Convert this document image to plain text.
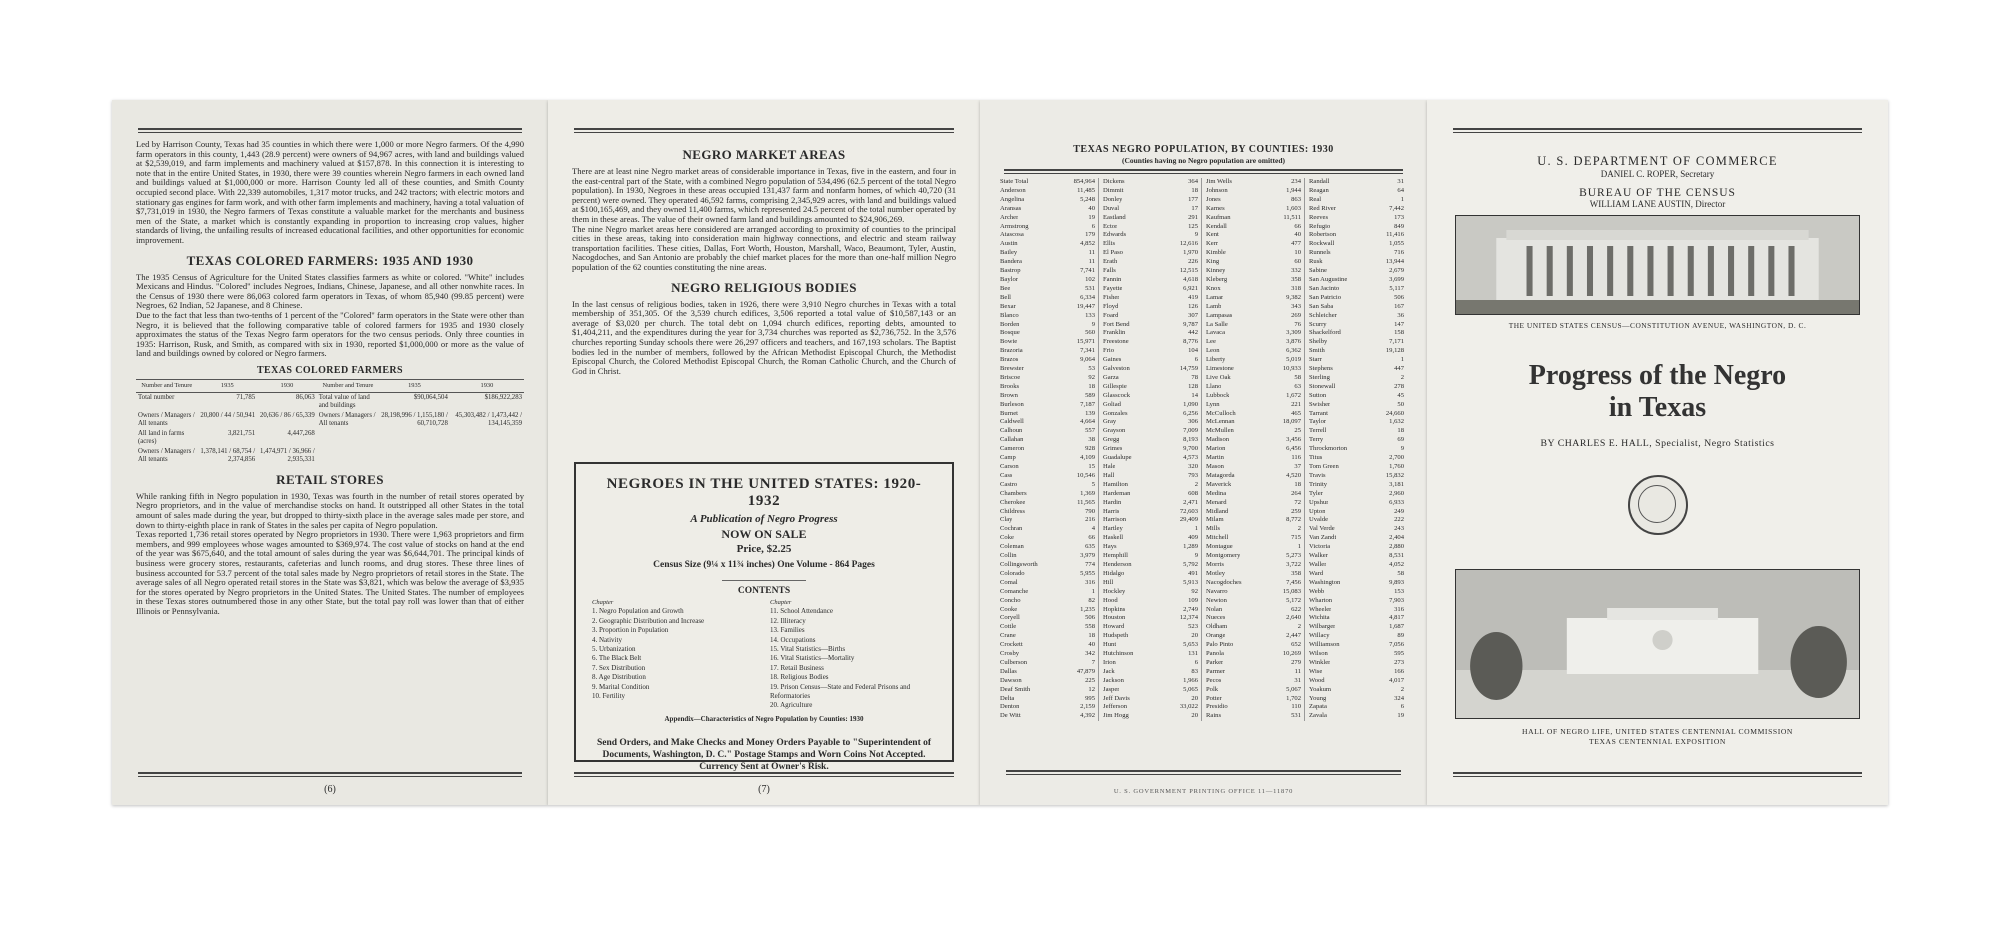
Led by Harrison County, Texas had 35 counties in which there were 1,000 or more Negro farmers. Of the 4,990 farm operators in this county, 1,443 (28.9 percent) were owners of 94,967 acres, with land and buildings valued at $2,539,019, and farm implements and machinery valued at $157,878. In this connection it is interesting to note that in the entire United States, in 1930, there were 39 counties wherein Negro farmers in each owned land and buildings valued at $1,000,000 or more. Harrison County led all of these counties, and Smith County occupied second place. With 22,339 automobiles, 1,317 motor trucks, and 242 tractors; with electric motors and stationary gas engines for farm work, and with other farm implements and machinery, having a total valuation of $7,731,019 in 1930, the Negro farmers of Texas constitute a valuable market for the merchants and business men of the State, a market which is constantly expanding in proportion to increasing crop values, higher standards of living, the unfailing results of increased educational facilities, and other opportunities for economic improvement.

TEXAS COLORED FARMERS: 1935 AND 1930

The 1935 Census of Agriculture for the United States classifies farmers as white or colored. "White" includes Mexicans and Hindus. "Colored" includes Negroes, Indians, Chinese, Japanese, and all other nonwhite races. In the Census of 1930 there were 86,063 colored farm operators in Texas, of whom 85,940 (99.85 percent) were Negroes, 62 Indian, 52 Japanese, and 8 Chinese.

Due to the fact that less than two-tenths of 1 percent of the "Colored" farm operators in the State were other than Negro, it is believed that the following comparative table of colored farmers for 1935 and 1930 closely approximates the status of the Texas Negro farm operators for the two census periods. Only three counties in 1935: Harrison, Rusk, and Smith, as compared with six in 1930, reported $1,000,000 or more as the value of land and buildings owned by colored or Negro farmers.

TEXAS COLORED FARMERS
Number and Tenure	1935	1930	Number and Tenure	1935	1930
Total number	71,785	86,063	Total value of land and buildings	$90,064,504	$186,922,283
Owners / Managers / All tenants	20,800 / 44 / 50,941	20,636 / 86 / 65,339	Owners / Managers / All tenants	28,198,996 / 1,155,180 / 60,710,728	45,303,482 / 1,473,442 / 134,145,359
All land in farms (acres)	3,821,751	4,447,268			
Owners / Managers / All tenants	1,378,141 / 68,754 / 2,374,856	1,474,971 / 36,966 / 2,935,331			
RETAIL STORES

While ranking fifth in Negro population in 1930, Texas was fourth in the number of retail stores operated by Negro proprietors, and in the value of merchandise stocks on hand. It outstripped all other States in the total amount of sales made during the year, but dropped to thirty-sixth place in the average sales made per store, and down to thirty-eighth place in rank of States in the sales per capita of Negro population.

Texas reported 1,736 retail stores operated by Negro proprietors in 1930. There were 1,963 proprietors and firm members, and 999 employees whose wages amounted to $369,974. The cost value of stocks on hand at the end of the year was $675,640, and the total amount of sales during the year was $6,644,701. The principal kinds of business were grocery stores, restaurants, cafeterias and lunch rooms, and drug stores. These three lines of business accounted for 53.7 percent of the total sales made by Negro proprietors of retail stores in the State. The average sales of all Negro operated retail stores in the State was $3,821, which was below the average of $3,935 for the stores operated by Negro proprietors in the United States. The United States. The number of employees in these Texas stores outnumbered those in any other State, but the total pay roll was lower than that of either Illinois or Pennsylvania.

(6)
NEGRO MARKET AREAS

There are at least nine Negro market areas of considerable importance in Texas, five in the eastern, and four in the east-central part of the State, with a combined Negro population of 534,496 (62.5 percent of the total Negro population). In 1930, Negroes in these areas occupied 131,437 farm and nonfarm homes, of which 40,720 (31 percent) were owned. They operated 46,592 farms, comprising 2,345,929 acres, with land and buildings valued at $100,165,469, and they owned 11,400 farms, which represented 24.5 percent of the total number operated by them in these areas. The value of their owned farm land and buildings amounted to $24,906,269.

The nine Negro market areas here considered are arranged according to proximity of counties to the principal cities in these areas, taking into consideration main highway connections, and electric and steam railway transportation facilities. These cities, Dallas, Fort Worth, Houston, Marshall, Waco, Beaumont, Tyler, Austin, Nacogdoches, and San Antonio are probably the chief market places for the more than one-half million Negro population of the 62 counties constituting the nine areas.

NEGRO RELIGIOUS BODIES

In the last census of religious bodies, taken in 1926, there were 3,910 Negro churches in Texas with a total membership of 351,305. Of the 3,539 church edifices, 3,506 reported a total value of $10,587,143 or an average of $3,020 per church. The total debt on 1,094 church edifices, reporting debts, amounted to $1,404,211, and the expenditures during the year for 3,734 churches was reported as $2,736,752. In the 3,576 churches reporting Sunday schools there were 26,297 officers and teachers, and 167,193 scholars. The Baptist bodies led in the number of members, followed by the African Methodist Episcopal Church, the Methodist Episcopal Church, the Colored Methodist Episcopal Church, the Roman Catholic Church, and the Church of God in Christ.

NEGROES IN THE UNITED STATES: 1920-1932
A Publication of Negro Progress
NOW ON SALE
Price, $2.25
Census Size (9¼ x 11¾ inches) One Volume - 864 Pages
CONTENTS
Chapter
1. Negro Population and Growth
2. Geographic Distribution and Increase
3. Proportion in Population
4. Nativity
5. Urbanization
6. The Black Belt
7. Sex Distribution
8. Age Distribution
9. Marital Condition
10. Fertility
Chapter
11. School Attendance
12. Illiteracy
13. Families
14. Occupations
15. Vital Statistics—Births
16. Vital Statistics—Mortality
17. Retail Business
18. Religious Bodies
19. Prison Census—State and Federal Prisons and Reformatories
20. Agriculture
Appendix—Characteristics of Negro Population by Counties: 1930
Send Orders, and Make Checks and Money Orders Payable to "Superintendent of Documents, Washington, D. C." Postage Stamps and Worn Coins Not Accepted. Currency Sent at Owner's Risk.
(7)
TEXAS NEGRO POPULATION, BY COUNTIES: 1930
(Counties having no Negro population are omitted)
State Total	854,964
Anderson	11,485
Angelina	5,248
Aransas	40
Archer	19
Armstrong	6
Atascosa	179
Austin	4,852
Bailey	11
Bandera	11
Bastrop	7,741
Baylor	102
Bee	531
Bell	6,334
Bexar	19,447
Blanco	133
Borden	9
Bosque	560
Bowie	15,971
Brazoria	7,341
Brazos	9,064
Brewster	53
Briscoe	92
Brooks	18
Brown	589
Burleson	7,187
Burnet	139
Caldwell	4,664
Calhoun	557
Callahan	38
Cameron	928
Camp	4,109
Carson	15
Cass	10,546
Castro	5
Chambers	1,369
Cherokee	11,565
Childress	790
Clay	216
Cochran	4
Coke	66
Coleman	635
Collin	3,979
Collingsworth	774
Colorado	5,955
Comal	316
Comanche	1
Concho	82
Cooke	1,235
Coryell	506
Cottle	558
Crane	18
Crockett	40
Crosby	342
Culberson	7
Dallas	47,879
Dawson	225
Deaf Smith	12
Delta	995
Denton	2,159
De Witt	4,392
Dickens	364
Dimmit	18
Donley	177
Duval	17
Eastland	291
Ector	125
Edwards	9
Ellis	12,616
El Paso	1,970
Erath	226
Falls	12,515
Fannin	4,618
Fayette	6,921
Fisher	419
Floyd	126
Foard	307
Fort Bend	9,787
Franklin	442
Freestone	8,776
Frio	104
Gaines	6
Galveston	14,759
Garza	78
Gillespie	128
Glasscock	14
Goliad	1,090
Gonzales	6,256
Gray	306
Grayson	7,009
Gregg	8,193
Grimes	9,700
Guadalupe	4,573
Hale	320
Hall	793
Hamilton	2
Hardeman	608
Hardin	2,471
Harris	72,603
Harrison	29,409
Hartley	1
Haskell	409
Hays	1,289
Hemphill	9
Henderson	5,792
Hidalgo	491
Hill	5,913
Hockley	92
Hood	109
Hopkins	2,749
Houston	12,374
Howard	523
Hudspeth	20
Hunt	5,653
Hutchinson	131
Irion	6
Jack	83
Jackson	1,966
Jasper	5,065
Jeff Davis	20
Jefferson	33,022
Jim Hogg	20
Jim Wells	234
Johnson	1,944
Jones	863
Karnes	1,603
Kaufman	11,511
Kendall	66
Kent	40
Kerr	477
Kimble	10
King	60
Kinney	332
Kleberg	358
Knox	318
Lamar	9,382
Lamb	343
Lampasas	269
La Salle	76
Lavaca	3,309
Lee	3,876
Leon	6,362
Liberty	5,019
Limestone	10,933
Live Oak	58
Llano	63
Lubbock	1,672
Lynn	221
McCulloch	465
McLennan	18,097
McMullen	25
Madison	3,456
Marion	6,456
Martin	116
Mason	37
Matagorda	4,520
Maverick	18
Medina	264
Menard	72
Midland	259
Milam	8,772
Mills	2
Mitchell	715
Montague	1
Montgomery	5,273
Morris	3,722
Motley	358
Nacogdoches	7,456
Navarro	15,083
Newton	5,172
Nolan	622
Nueces	2,640
Oldham	2
Orange	2,447
Palo Pinto	652
Panola	10,269
Parker	279
Parmer	11
Pecos	31
Polk	5,067
Potter	1,702
Presidio	110
Rains	531
Randall	31
Reagan	64
Real	1
Red River	7,442
Reeves	173
Refugio	849
Robertson	11,416
Rockwall	1,055
Runnels	716
Rusk	13,944
Sabine	2,679
San Augustine	3,699
San Jacinto	5,117
San Patricio	506
San Saba	167
Schleicher	36
Scurry	147
Shackelford	158
Shelby	7,171
Smith	19,128
Starr	1
Stephens	447
Sterling	2
Stonewall	278
Sutton	45
Swisher	50
Tarrant	24,660
Taylor	1,632
Terrell	18
Terry	69
Throckmorton	9
Titus	2,700
Tom Green	1,760
Travis	15,832
Trinity	3,181
Tyler	2,960
Upshur	6,933
Upton	249
Uvalde	222
Val Verde	243
Van Zandt	2,404
Victoria	2,880
Walker	8,531
Waller	4,052
Ward	58
Washington	9,893
Webb	153
Wharton	7,903
Wheeler	316
Wichita	4,817
Wilbarger	1,687
Willacy	89
Williamson	7,056
Wilson	595
Winkler	273
Wise	166
Wood	4,017
Yoakum	2
Young	324
Zapata	6
Zavala	19
U. S. GOVERNMENT PRINTING OFFICE 11—11870
U. S. DEPARTMENT OF COMMERCE
DANIEL C. ROPER, Secretary
BUREAU OF THE CENSUS
WILLIAM LANE AUSTIN, Director
THE UNITED STATES CENSUS—CONSTITUTION AVENUE, WASHINGTON, D. C.
Progress of the Negro
in Texas
BY CHARLES E. HALL, Specialist, Negro Statistics
HALL OF NEGRO LIFE, UNITED STATES CENTENNIAL COMMISSION
TEXAS CENTENNIAL EXPOSITION
